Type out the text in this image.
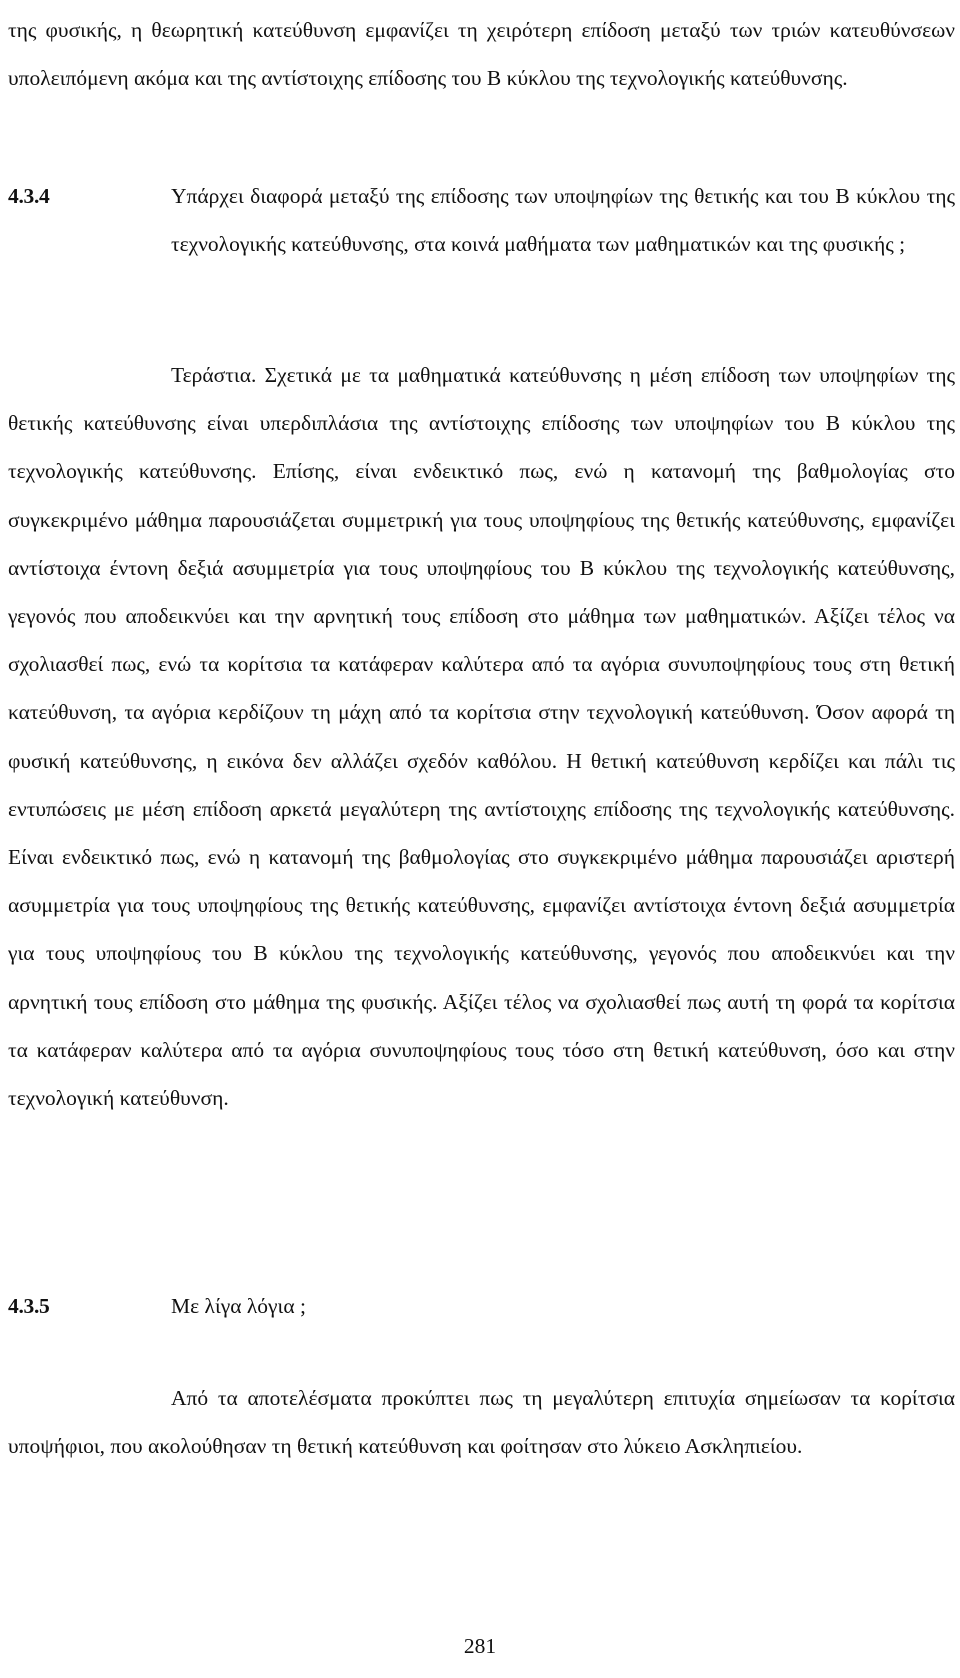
της φυσικής, η θεωρητική κατεύθυνση εμφανίζει τη χειρότερη επίδοση μεταξύ των τριών κατευθύνσεων υπολειπόμενη ακόμα και της αντίστοιχης επίδοσης του Β κύκλου της τεχνολογικής κατεύθυνσης.

4.3.4	Υπάρχει διαφορά μεταξύ της επίδοσης των υποψηφίων της θετικής και του Β κύκλου της τεχνολογικής κατεύθυνσης, στα κοινά μαθήματα των μαθηματικών και της φυσικής ;

Τεράστια. Σχετικά με τα μαθηματικά κατεύθυνσης η μέση επίδοση των υποψηφίων της θετικής κατεύθυνσης είναι υπερδιπλάσια της αντίστοιχης επίδοσης των υποψηφίων του Β κύκλου της τεχνολογικής κατεύθυνσης. Επίσης, είναι ενδεικτικό πως, ενώ η κατανομή της βαθμολογίας στο συγκεκριμένο μάθημα παρουσιάζεται συμμετρική για τους υποψηφίους της θετικής κατεύθυνσης, εμφανίζει αντίστοιχα έντονη δεξιά ασυμμετρία για τους υποψηφίους του Β κύκλου της τεχνολογικής κατεύθυνσης, γεγονός που αποδεικνύει και την αρνητική τους επίδοση στο μάθημα των μαθηματικών. Αξίζει τέλος να σχολιασθεί πως, ενώ τα κορίτσια τα κατάφεραν καλύτερα από τα αγόρια συνυποψηφίους τους στη θετική κατεύθυνση, τα αγόρια κερδίζουν τη μάχη από τα κορίτσια στην τεχνολογική κατεύθυνση. Όσον αφορά τη φυσική κατεύθυνσης, η εικόνα δεν αλλάζει σχεδόν καθόλου. Η θετική κατεύθυνση κερδίζει και πάλι τις εντυπώσεις με μέση επίδοση αρκετά μεγαλύτερη της αντίστοιχης επίδοσης της τεχνολογικής κατεύθυνσης. Είναι ενδεικτικό πως, ενώ η κατανομή της βαθμολογίας στο συγκεκριμένο μάθημα παρουσιάζει αριστερή ασυμμετρία για τους υποψηφίους της θετικής κατεύθυνσης, εμφανίζει αντίστοιχα έντονη δεξιά ασυμμετρία για τους υποψηφίους του Β κύκλου της τεχνολογικής κατεύθυνσης, γεγονός που αποδεικνύει και την αρνητική τους επίδοση στο μάθημα της φυσικής. Αξίζει τέλος να σχολιασθεί πως αυτή τη φορά τα κορίτσια τα κατάφεραν καλύτερα από τα αγόρια συνυποψηφίους τους τόσο στη θετική κατεύθυνση, όσο και στην τεχνολογική κατεύθυνση.

4.3.5	Με λίγα λόγια ;

Από τα αποτελέσματα προκύπτει πως τη μεγαλύτερη επιτυχία σημείωσαν τα κορίτσια υποψήφιοι, που ακολούθησαν τη θετική κατεύθυνση και φοίτησαν στο λύκειο Ασκληπιείου.

281
